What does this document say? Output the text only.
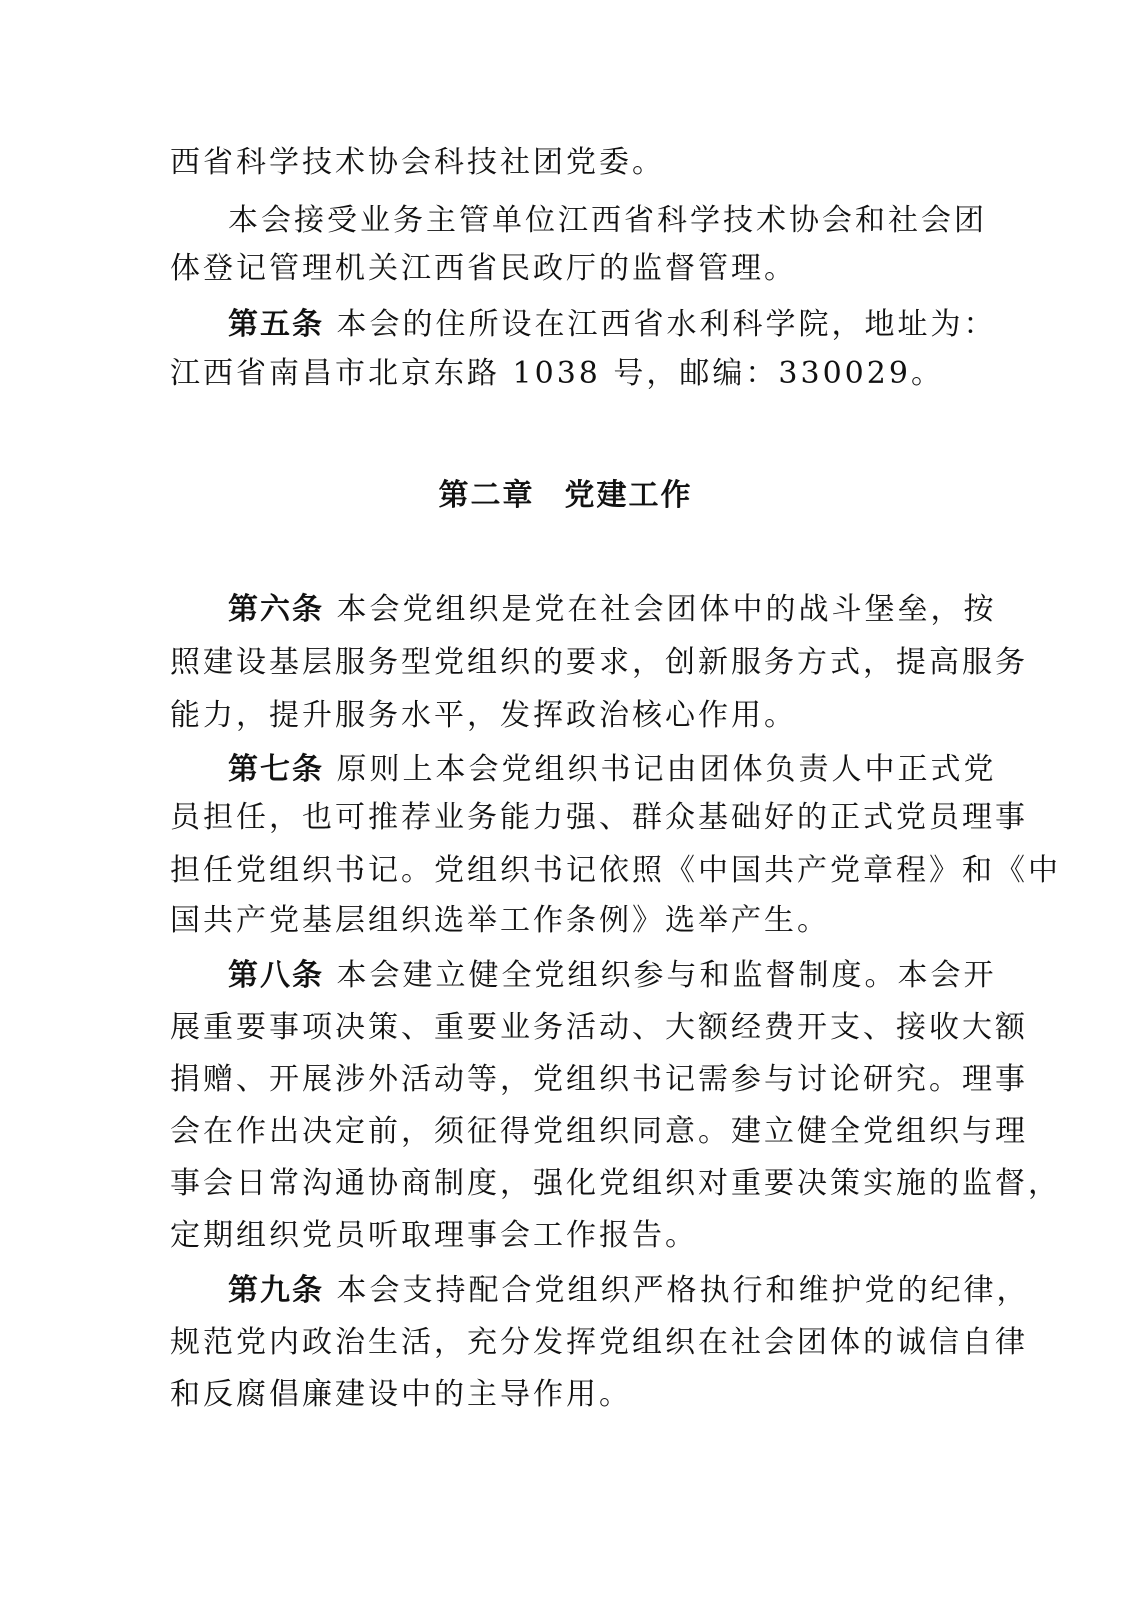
西省科学技术协会科技社团党委。
本会接受业务主管单位江西省科学技术协会和社会团
体登记管理机关江西省民政厅的监督管理。
第五条 本会的住所设在江西省水利科学院，地址为：
江西省南昌市北京东路 1038 号，邮编：330029。
第二章 党建工作
第六条 本会党组织是党在社会团体中的战斗堡垒，按
照建设基层服务型党组织的要求，创新服务方式，提高服务
能力，提升服务水平，发挥政治核心作用。
第七条 原则上本会党组织书记由团体负责人中正式党
员担任，也可推荐业务能力强、群众基础好的正式党员理事
担任党组织书记。党组织书记依照《中国共产党章程》和《中
国共产党基层组织选举工作条例》选举产生。
第八条 本会建立健全党组织参与和监督制度。本会开
展重要事项决策、重要业务活动、大额经费开支、接收大额
捐赠、开展涉外活动等，党组织书记需参与讨论研究。理事
会在作出决定前，须征得党组织同意。建立健全党组织与理
事会日常沟通协商制度，强化党组织对重要决策实施的监督，
定期组织党员听取理事会工作报告。
第九条 本会支持配合党组织严格执行和维护党的纪律，
规范党内政治生活，充分发挥党组织在社会团体的诚信自律
和反腐倡廉建设中的主导作用。
